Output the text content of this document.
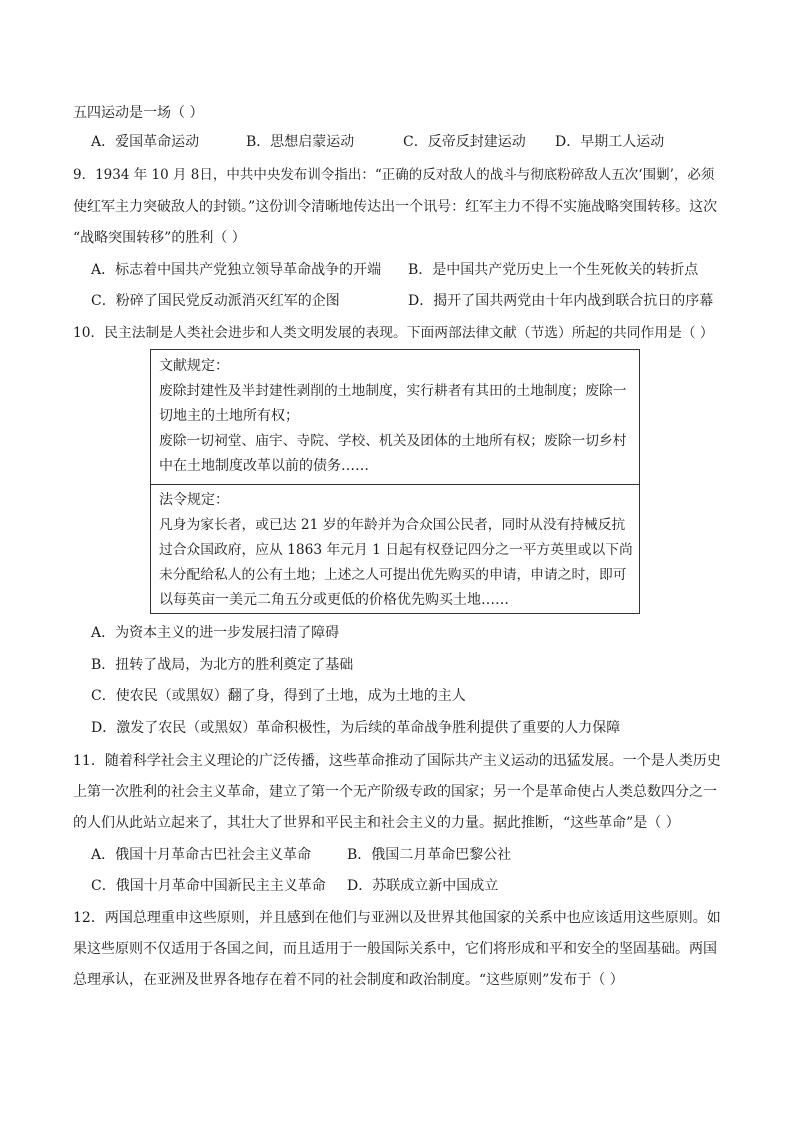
五四运动是一场（ ）
A．爱国革命运动	B．思想启蒙运动	C．反帝反封建运动 D．早期工人运动
9．1934 年 10 月 8日，中共中央发布训令指出：“正确的反对敌人的战斗与彻底粉碎敌人五次‘围剿’，必须
使红军主力突破敌人的封锁。”这份训令清晰地传达出一个讯号：红军主力不得不实施战略突围转移。这次
“战略突围转移”的胜利（ ）
A．标志着中国共产党独立领导革命战争的开端 B．是中国共产党历史上一个生死攸关的转折点
C．粉碎了国民党反动派消灭红军的企图	D．揭开了国共两党由十年内战到联合抗日的序幕
10．民主法制是人类社会进步和人类文明发展的表现。下面两部法律文献（节选）所起的共同作用是（ ）
文献规定：
废除封建性及半封建性剥削的土地制度，实行耕者有其田的土地制度；废除一
切地主的土地所有权；
废除一切祠堂、庙宇、寺院、学校、机关及团体的土地所有权；废除一切乡村
中在土地制度改革以前的债务……
法令规定：
凡身为家长者，或已达 21 岁的年龄并为合众国公民者，同时从没有持械反抗
过合众国政府，应从 1863 年元月 1 日起有权登记四分之一平方英里或以下尚
未分配给私人的公有土地；上述之人可提出优先购买的申请，申请之时，即可
以每英亩一美元二角五分或更低的价格优先购买土地……
A．为资本主义的进一步发展扫清了障碍
B．扭转了战局，为北方的胜利奠定了基础
C．使农民（或黑奴）翻了身，得到了土地，成为土地的主人
D．激发了农民（或黑奴）革命积极性，为后续的革命战争胜利提供了重要的人力保障
11．随着科学社会主义理论的广泛传播，这些革命推动了国际共产主义运动的迅猛发展。一个是人类历史
上第一次胜利的社会主义革命，建立了第一个无产阶级专政的国家；另一个是革命使占人类总数四分之一
的人们从此站立起来了，其壮大了世界和平民主和社会主义的力量。据此推断，“这些革命”是（ ）
A．俄国十月革命古巴社会主义革命	B．俄国二月革命巴黎公社
C．俄国十月革命中国新民主主义革命 D．苏联成立新中国成立
12．两国总理重申这些原则，并且感到在他们与亚洲以及世界其他国家的关系中也应该适用这些原则。如
果这些原则不仅适用于各国之间，而且适用于一般国际关系中，它们将形成和平和安全的坚固基础。两国
总理承认，在亚洲及世界各地存在着不同的社会制度和政治制度。“这些原则”发布于（ ）
